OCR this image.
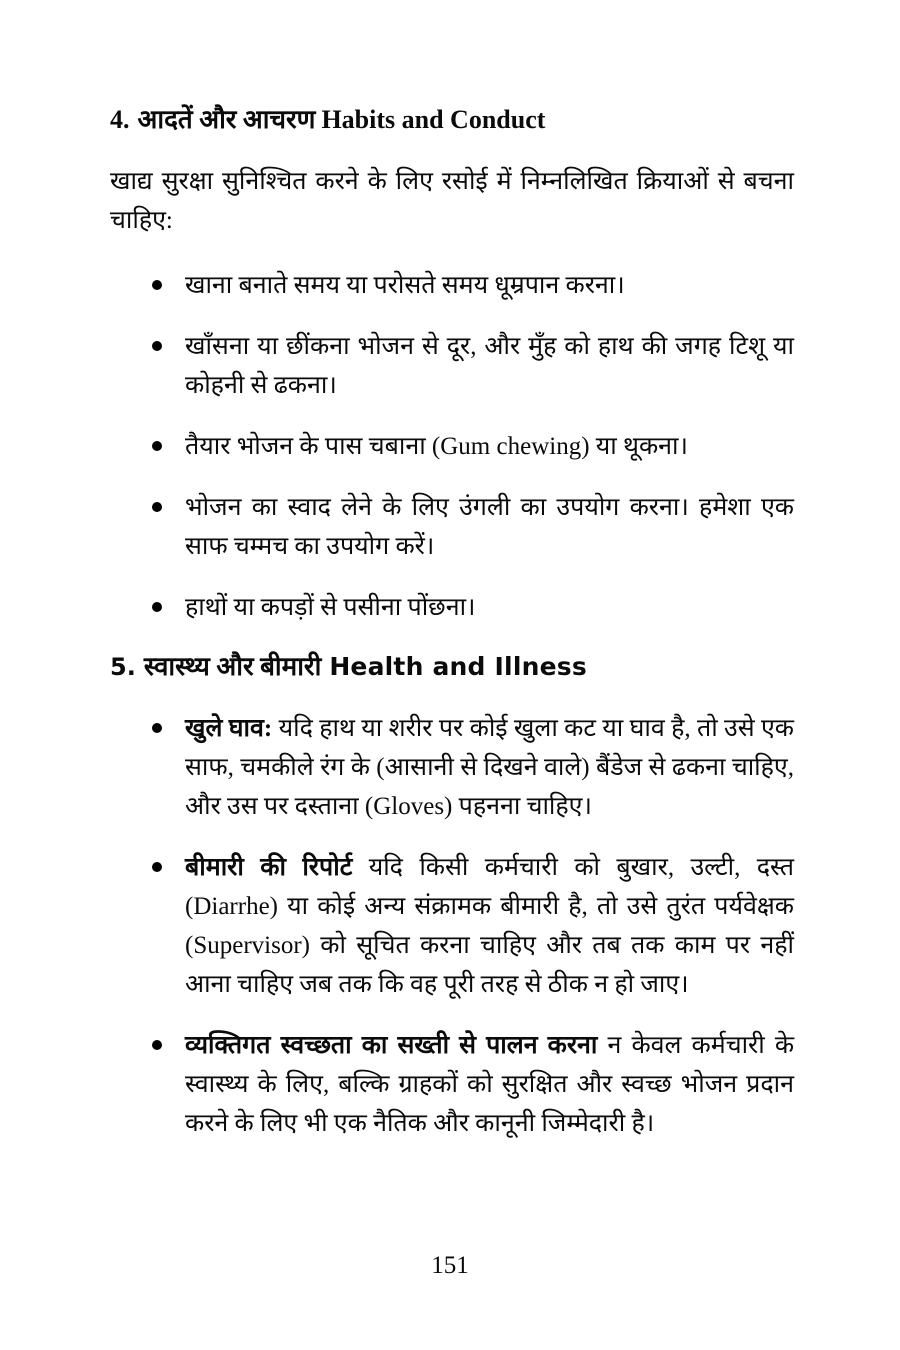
4. आदतें और आचरण Habits and Conduct

खाद्य सुरक्षा सुनिश्चित करने के लिए रसोई में निम्नलिखित क्रियाओं से बचना चाहिए:

खाना बनाते समय या परोसते समय धूम्रपान करना।
खाँसना या छींकना भोजन से दूर, और मुँह को हाथ की जगह टिशू या कोहनी से ढकना।
तैयार भोजन के पास चबाना (Gum chewing) या थूकना।
भोजन का स्वाद लेने के लिए उंगली का उपयोग करना। हमेशा एक साफ चम्मच का उपयोग करें।
हाथों या कपड़ों से पसीना पोंछना।
5. स्वास्थ्य और बीमारी Health and Illness
खुले घाव: यदि हाथ या शरीर पर कोई खुला कट या घाव है, तो उसे एक साफ, चमकीले रंग के (आसानी से दिखने वाले) बैंडेज से ढकना चाहिए, और उस पर दस्ताना (Gloves) पहनना चाहिए।
बीमारी की रिपोर्ट यदि किसी कर्मचारी को बुखार, उल्टी, दस्त (Diarrhe) या कोई अन्य संक्रामक बीमारी है, तो उसे तुरंत पर्यवेक्षक (Supervisor) को सूचित करना चाहिए और तब तक काम पर नहीं आना चाहिए जब तक कि वह पूरी तरह से ठीक न हो जाए।
व्यक्तिगत स्वच्छता का सख्ती से पालन करना न केवल कर्मचारी के स्वास्थ्य के लिए, बल्कि ग्राहकों को सुरक्षित और स्वच्छ भोजन प्रदान करने के लिए भी एक नैतिक और कानूनी जिम्मेदारी है।
151
